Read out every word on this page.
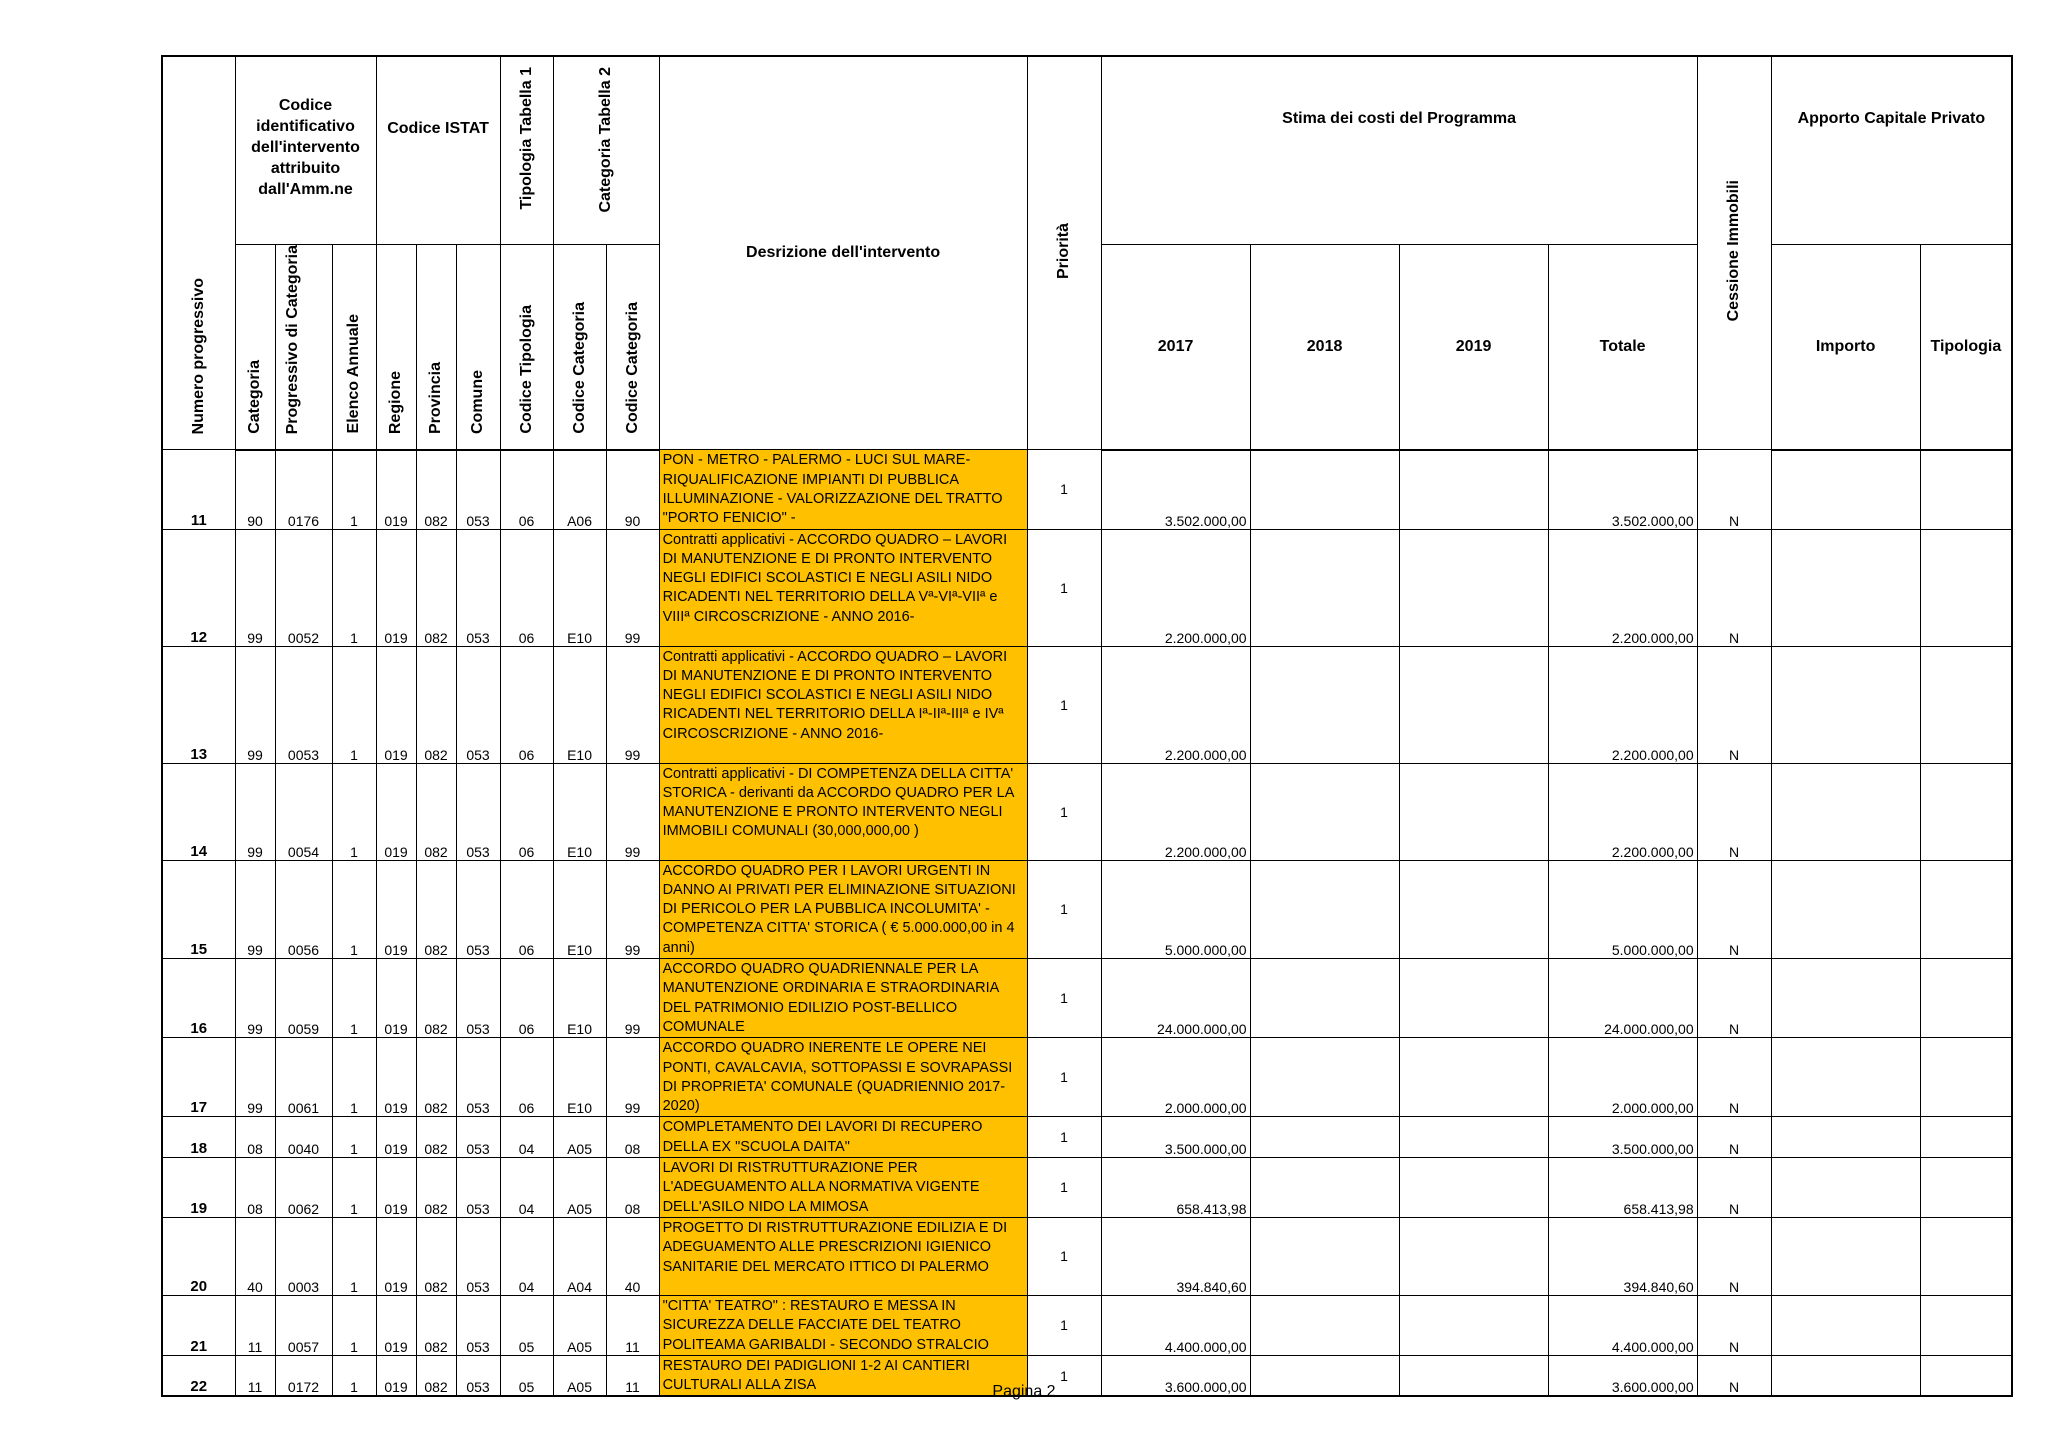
Numero progressivo	Codice identificativo dell'intervento attribuito dall'Amm.ne			Codice ISTAT			Tipologia Tabella 1	Categoria Tabella 2		Desrizione dell'intervento	Priorità	Stima dei costi del Programma				Cessione Immobili	Apporto Capitale Privato	

	Categoria	Progressivo di Categoria	Elenco Annuale	Regione	Provincia	Comune	Codice Tipologia	Codice Categoria	Codice Categoria			2017	2018	2019	Totale		Importo	Tipologia
11	90	0176	1	019	082	053	06	A06	90	PON - METRO - PALERMO - LUCI SUL MARE-RIQUALIFICAZIONE IMPIANTI DI PUBBLICA ILLUMINAZIONE - VALORIZZAZIONE DEL TRATTO "PORTO FENICIO" -	1	3.502.000,00			3.502.000,00	N		
12	99	0052	1	019	082	053	06	E10	99	Contratti applicativi - ACCORDO QUADRO – LAVORI DI MANUTENZIONE E DI PRONTO INTERVENTO NEGLI EDIFICI SCOLASTICI E NEGLI ASILI NIDO RICADENTI NEL TERRITORIO DELLA Vª-VIª-VIIª e VIIIª CIRCOSCRIZIONE - ANNO 2016-	1	2.200.000,00			2.200.000,00	N		
13	99	0053	1	019	082	053	06	E10	99	Contratti applicativi - ACCORDO QUADRO – LAVORI DI MANUTENZIONE E DI PRONTO INTERVENTO NEGLI EDIFICI SCOLASTICI E NEGLI ASILI NIDO RICADENTI NEL TERRITORIO DELLA Iª-IIª-IIIª e IVª CIRCOSCRIZIONE - ANNO 2016-	1	2.200.000,00			2.200.000,00	N		
14	99	0054	1	019	082	053	06	E10	99	Contratti applicativi - DI COMPETENZA DELLA CITTA' STORICA - derivanti da ACCORDO QUADRO PER LA MANUTENZIONE E PRONTO INTERVENTO NEGLI IMMOBILI COMUNALI (30,000,000,00 )	1	2.200.000,00			2.200.000,00	N		
15	99	0056	1	019	082	053	06	E10	99	ACCORDO QUADRO PER I LAVORI URGENTI IN DANNO AI PRIVATI PER ELIMINAZIONE SITUAZIONI DI PERICOLO PER LA PUBBLICA INCOLUMITA' - COMPETENZA CITTA' STORICA ( € 5.000.000,00 in 4 anni)	1	5.000.000,00			5.000.000,00	N		
16	99	0059	1	019	082	053	06	E10	99	ACCORDO QUADRO QUADRIENNALE PER LA MANUTENZIONE ORDINARIA E STRAORDINARIA DEL PATRIMONIO EDILIZIO POST-BELLICO COMUNALE	1	24.000.000,00			24.000.000,00	N		
17	99	0061	1	019	082	053	06	E10	99	ACCORDO QUADRO INERENTE LE OPERE NEI PONTI, CAVALCAVIA, SOTTOPASSI E SOVRAPASSI DI PROPRIETA' COMUNALE (QUADRIENNIO 2017-2020)	1	2.000.000,00			2.000.000,00	N		
18	08	0040	1	019	082	053	04	A05	08	COMPLETAMENTO DEI LAVORI DI RECUPERO DELLA EX "SCUOLA DAITA"	1	3.500.000,00			3.500.000,00	N		
19	08	0062	1	019	082	053	04	A05	08	LAVORI DI RISTRUTTURAZIONE PER L'ADEGUAMENTO ALLA NORMATIVA VIGENTE DELL'ASILO NIDO LA MIMOSA	1	658.413,98			658.413,98	N		
20	40	0003	1	019	082	053	04	A04	40	PROGETTO DI RISTRUTTURAZIONE EDILIZIA E DI ADEGUAMENTO ALLE PRESCRIZIONI IGIENICO SANITARIE DEL MERCATO ITTICO DI PALERMO	1	394.840,60			394.840,60	N		
21	11	0057	1	019	082	053	05	A05	11	"CITTA' TEATRO" : RESTAURO E MESSA IN SICUREZZA DELLE FACCIATE DEL TEATRO POLITEAMA GARIBALDI - SECONDO STRALCIO	1	4.400.000,00			4.400.000,00	N		
22	11	0172	1	019	082	053	05	A05	11	RESTAURO DEI PADIGLIONI 1-2 AI CANTIERI CULTURALI ALLA ZISA	1	3.600.000,00			3.600.000,00	N		
Pagina 2
